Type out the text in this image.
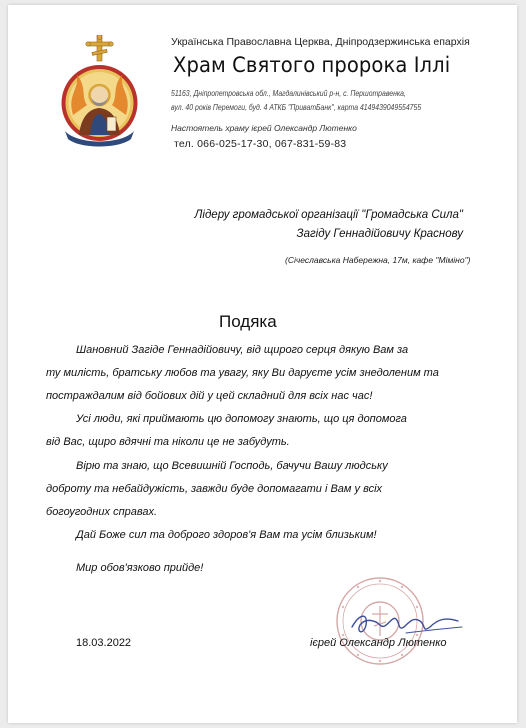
Українська Православна Церква, Дніпродзержинська епархія
Храм Святого пророка Іллі
51163, Дніпропетровська обл., Магдалинівський р-н, с. Першотравенка,
вул. 40 років Перемоги, буд. 4 АТКБ "ПриватБанк", карта 4149439049554755
Настоятель храму ієрей Олександр Лютенко
тел. 066-025-17-30, 067-831-59-83
Лідеру громадської організації "Громадська Сила"
Загіду Геннадійовичу Краснову
(Січеславська Набережна, 17м, кафе "Міміно")
Подяка
Шановний Загіде Геннадійовичу, від щирого серця дякую Вам за
ту милість, братську любов та увагу, яку Ви даруєте усім знедоленим та
постраждалим від бойових дій у цей складний для всіх нас час!
Усі люди, які приймають цю допомогу знають, що ця допомога
від Вас, щиро вдячні та ніколи це не забудуть.
Вірю та знаю, що Всевишній Господь, бачучи Вашу людську
доброту та небайдужість, завжди буде допомагати і Вам у всіх
богоугодних справах.
Дай Боже сил та доброго здоров'я Вам та усім близьким!
Мир обов'язково прийде!
18.03.2022	ієрей Олександр Лютенко
